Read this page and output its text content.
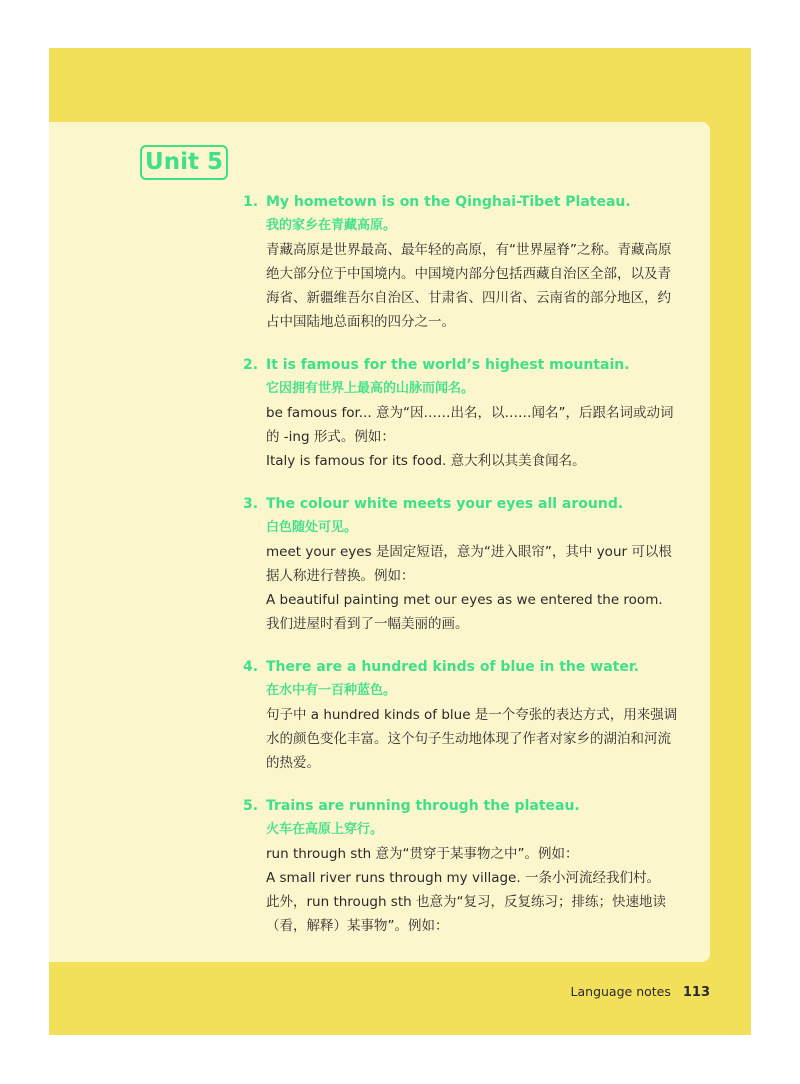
Unit 5
1. My hometown is on the Qinghai-Tibet Plateau.
我的家乡在青藏高原。

青藏高原是世界最高、最年轻的高原，有“世界屋脊”之称。青藏高原绝大部分位于中国境内。中国境内部分包括西藏自治区全部，以及青海省、新疆维吾尔自治区、甘肃省、四川省、云南省的部分地区，约占中国陆地总面积的四分之一。

2. It is famous for the world’s highest mountain.
它因拥有世界上最高的山脉而闻名。

be famous for... 意为“因……出名，以……闻名”，后跟名词或动词的 -ing 形式。例如：

Italy is famous for its food. 意大利以其美食闻名。

3. The colour white meets your eyes all around.
白色随处可见。

meet your eyes 是固定短语，意为“进入眼帘”，其中 your 可以根据人称进行替换。例如：

A beautiful painting met our eyes as we entered the room.

我们进屋时看到了一幅美丽的画。

4. There are a hundred kinds of blue in the water.
在水中有一百种蓝色。

句子中 a hundred kinds of blue 是一个夸张的表达方式，用来强调水的颜色变化丰富。这个句子生动地体现了作者对家乡的湖泊和河流的热爱。

5. Trains are running through the plateau.
火车在高原上穿行。

run through sth 意为“贯穿于某事物之中”。例如：

A small river runs through my village. 一条小河流经我们村。

此外，run through sth 也意为“复习，反复练习；排练；快速地读（看，解释）某事物”。例如：

Language notes 113
